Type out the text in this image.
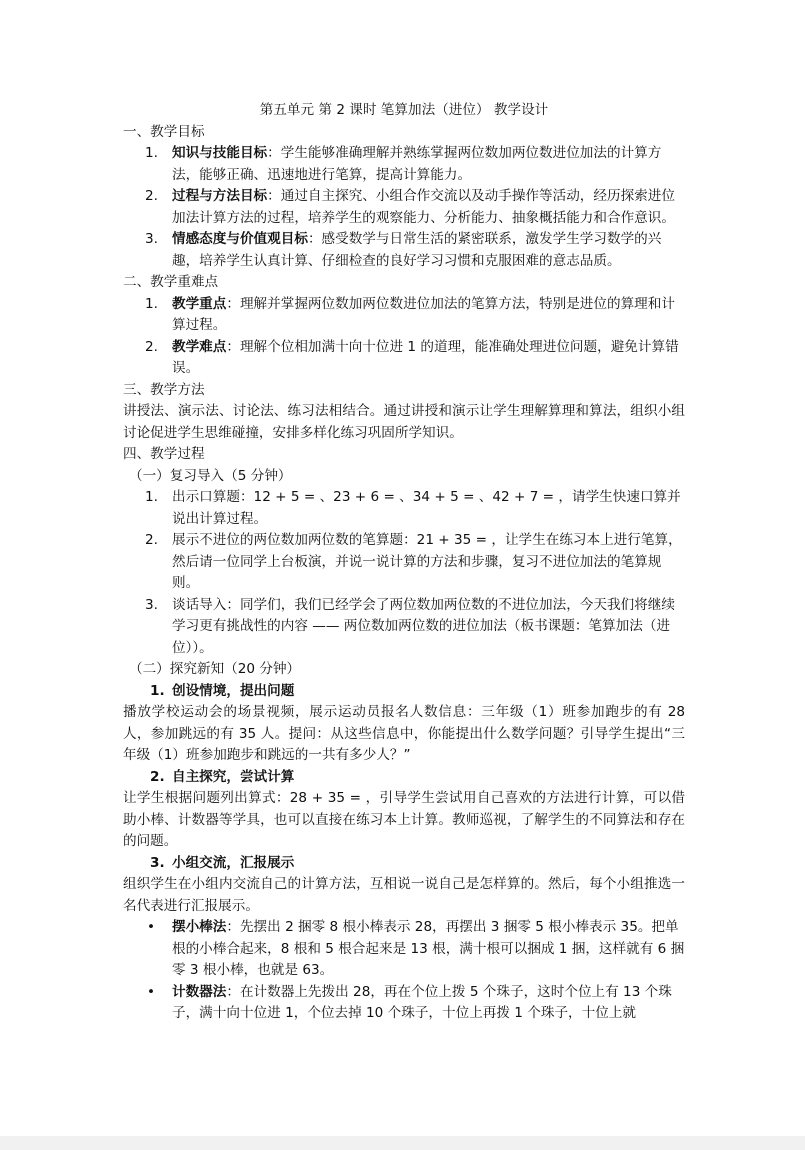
第五单元 第 2 课时 笔算加法（进位） 教学设计
一、教学目标
1. 知识与技能目标：学生能够准确理解并熟练掌握两位数加两位数进位加法的计算方法，能够正确、迅速地进行笔算，提高计算能力。
2. 过程与方法目标：通过自主探究、小组合作交流以及动手操作等活动，经历探索进位加法计算方法的过程，培养学生的观察能力、分析能力、抽象概括能力和合作意识。
3. 情感态度与价值观目标：感受数学与日常生活的紧密联系，激发学生学习数学的兴趣，培养学生认真计算、仔细检查的良好学习习惯和克服困难的意志品质。
二、教学重难点
1. 教学重点：理解并掌握两位数加两位数进位加法的笔算方法，特别是进位的算理和计算过程。
2. 教学难点：理解个位相加满十向十位进 1 的道理，能准确处理进位问题，避免计算错误。
三、教学方法

讲授法、演示法、讨论法、练习法相结合。通过讲授和演示让学生理解算理和算法，组织小组讨论促进学生思维碰撞，安排多样化练习巩固所学知识。

四、教学过程
（一）复习导入（5 分钟）
1. 出示口算题：12 + 5 = 、23 + 6 = 、34 + 5 = 、42 + 7 = ，请学生快速口算并说出计算过程。
2. 展示不进位的两位数加两位数的笔算题：21 + 35 = ，让学生在练习本上进行笔算，然后请一位同学上台板演，并说一说计算的方法和步骤，复习不进位加法的笔算规则。
3. 谈话导入：同学们，我们已经学会了两位数加两位数的不进位加法，今天我们将继续学习更有挑战性的内容 —— 两位数加两位数的进位加法（板书课题：笔算加法（进位））。
（二）探究新知（20 分钟）
1. 创设情境，提出问题

播放学校运动会的场景视频，展示运动员报名人数信息：三年级（1）班参加跑步的有 28 人，参加跳远的有 35 人。提问：从这些信息中，你能提出什么数学问题？引导学生提出“三年级（1）班参加跑步和跳远的一共有多少人？”

2. 自主探究，尝试计算

让学生根据问题列出算式：28 + 35 = ，引导学生尝试用自己喜欢的方法进行计算，可以借助小棒、计数器等学具，也可以直接在练习本上计算。教师巡视，了解学生的不同算法和存在的问题。

3. 小组交流，汇报展示

组织学生在小组内交流自己的计算方法，互相说一说自己是怎样算的。然后，每个小组推选一名代表进行汇报展示。

• 摆小棒法：先摆出 2 捆零 8 根小棒表示 28，再摆出 3 捆零 5 根小棒表示 35。把单根的小棒合起来，8 根和 5 根合起来是 13 根，满十根可以捆成 1 捆，这样就有 6 捆零 3 根小棒，也就是 63。
• 计数器法：在计数器上先拨出 28，再在个位上拨 5 个珠子，这时个位上有 13 个珠子，满十向十位进 1，个位去掉 10 个珠子，十位上再拨 1 个珠子，十位上就
